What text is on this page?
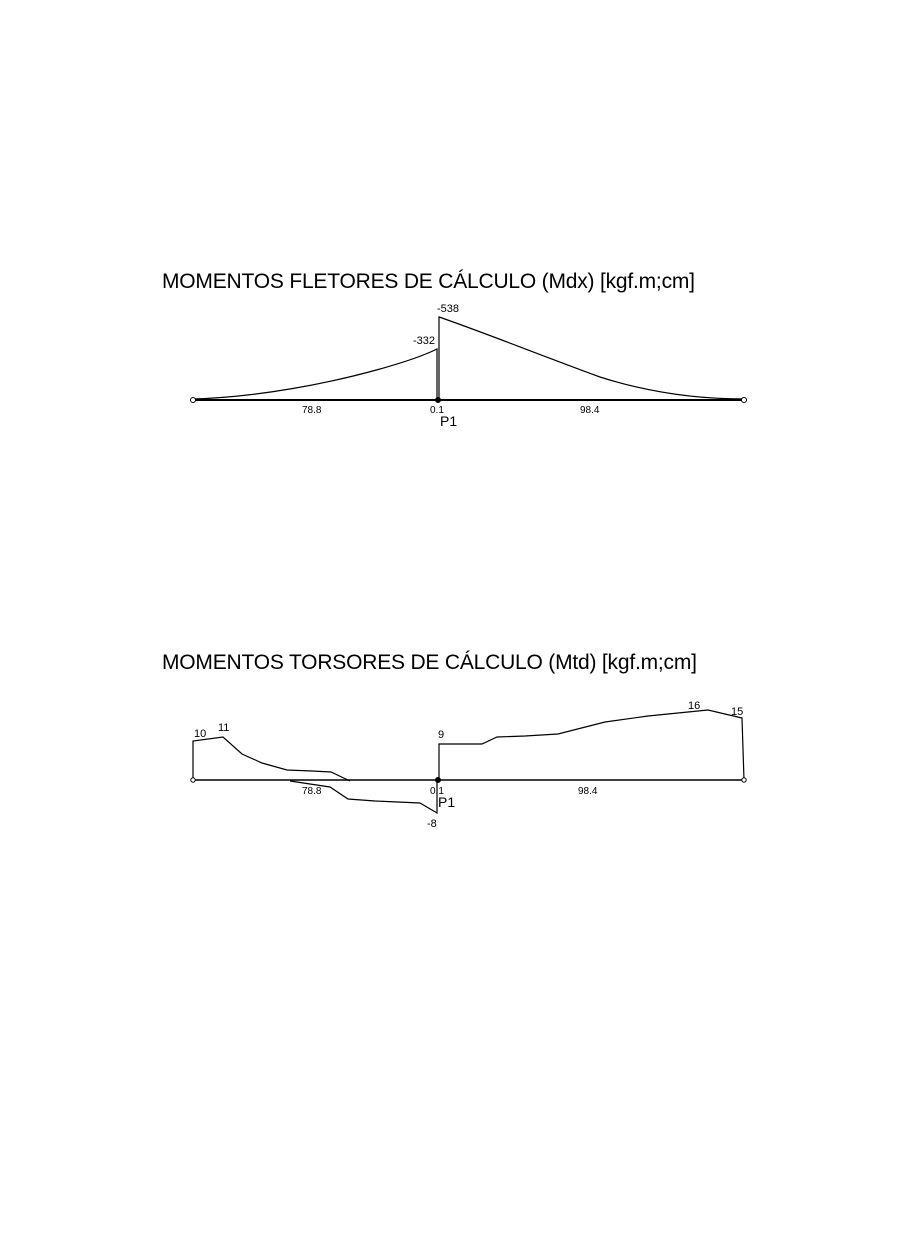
MOMENTOS FLETORES DE CÁLCULO (Mdx) [kgf.m;cm]
-538
-332
78.8	0.1	98.4
P1
MOMENTOS TORSORES DE CÁLCULO (Mtd) [kgf.m;cm]
10 11
9
16	15
-8
78.8	0.1	98.4
P1
